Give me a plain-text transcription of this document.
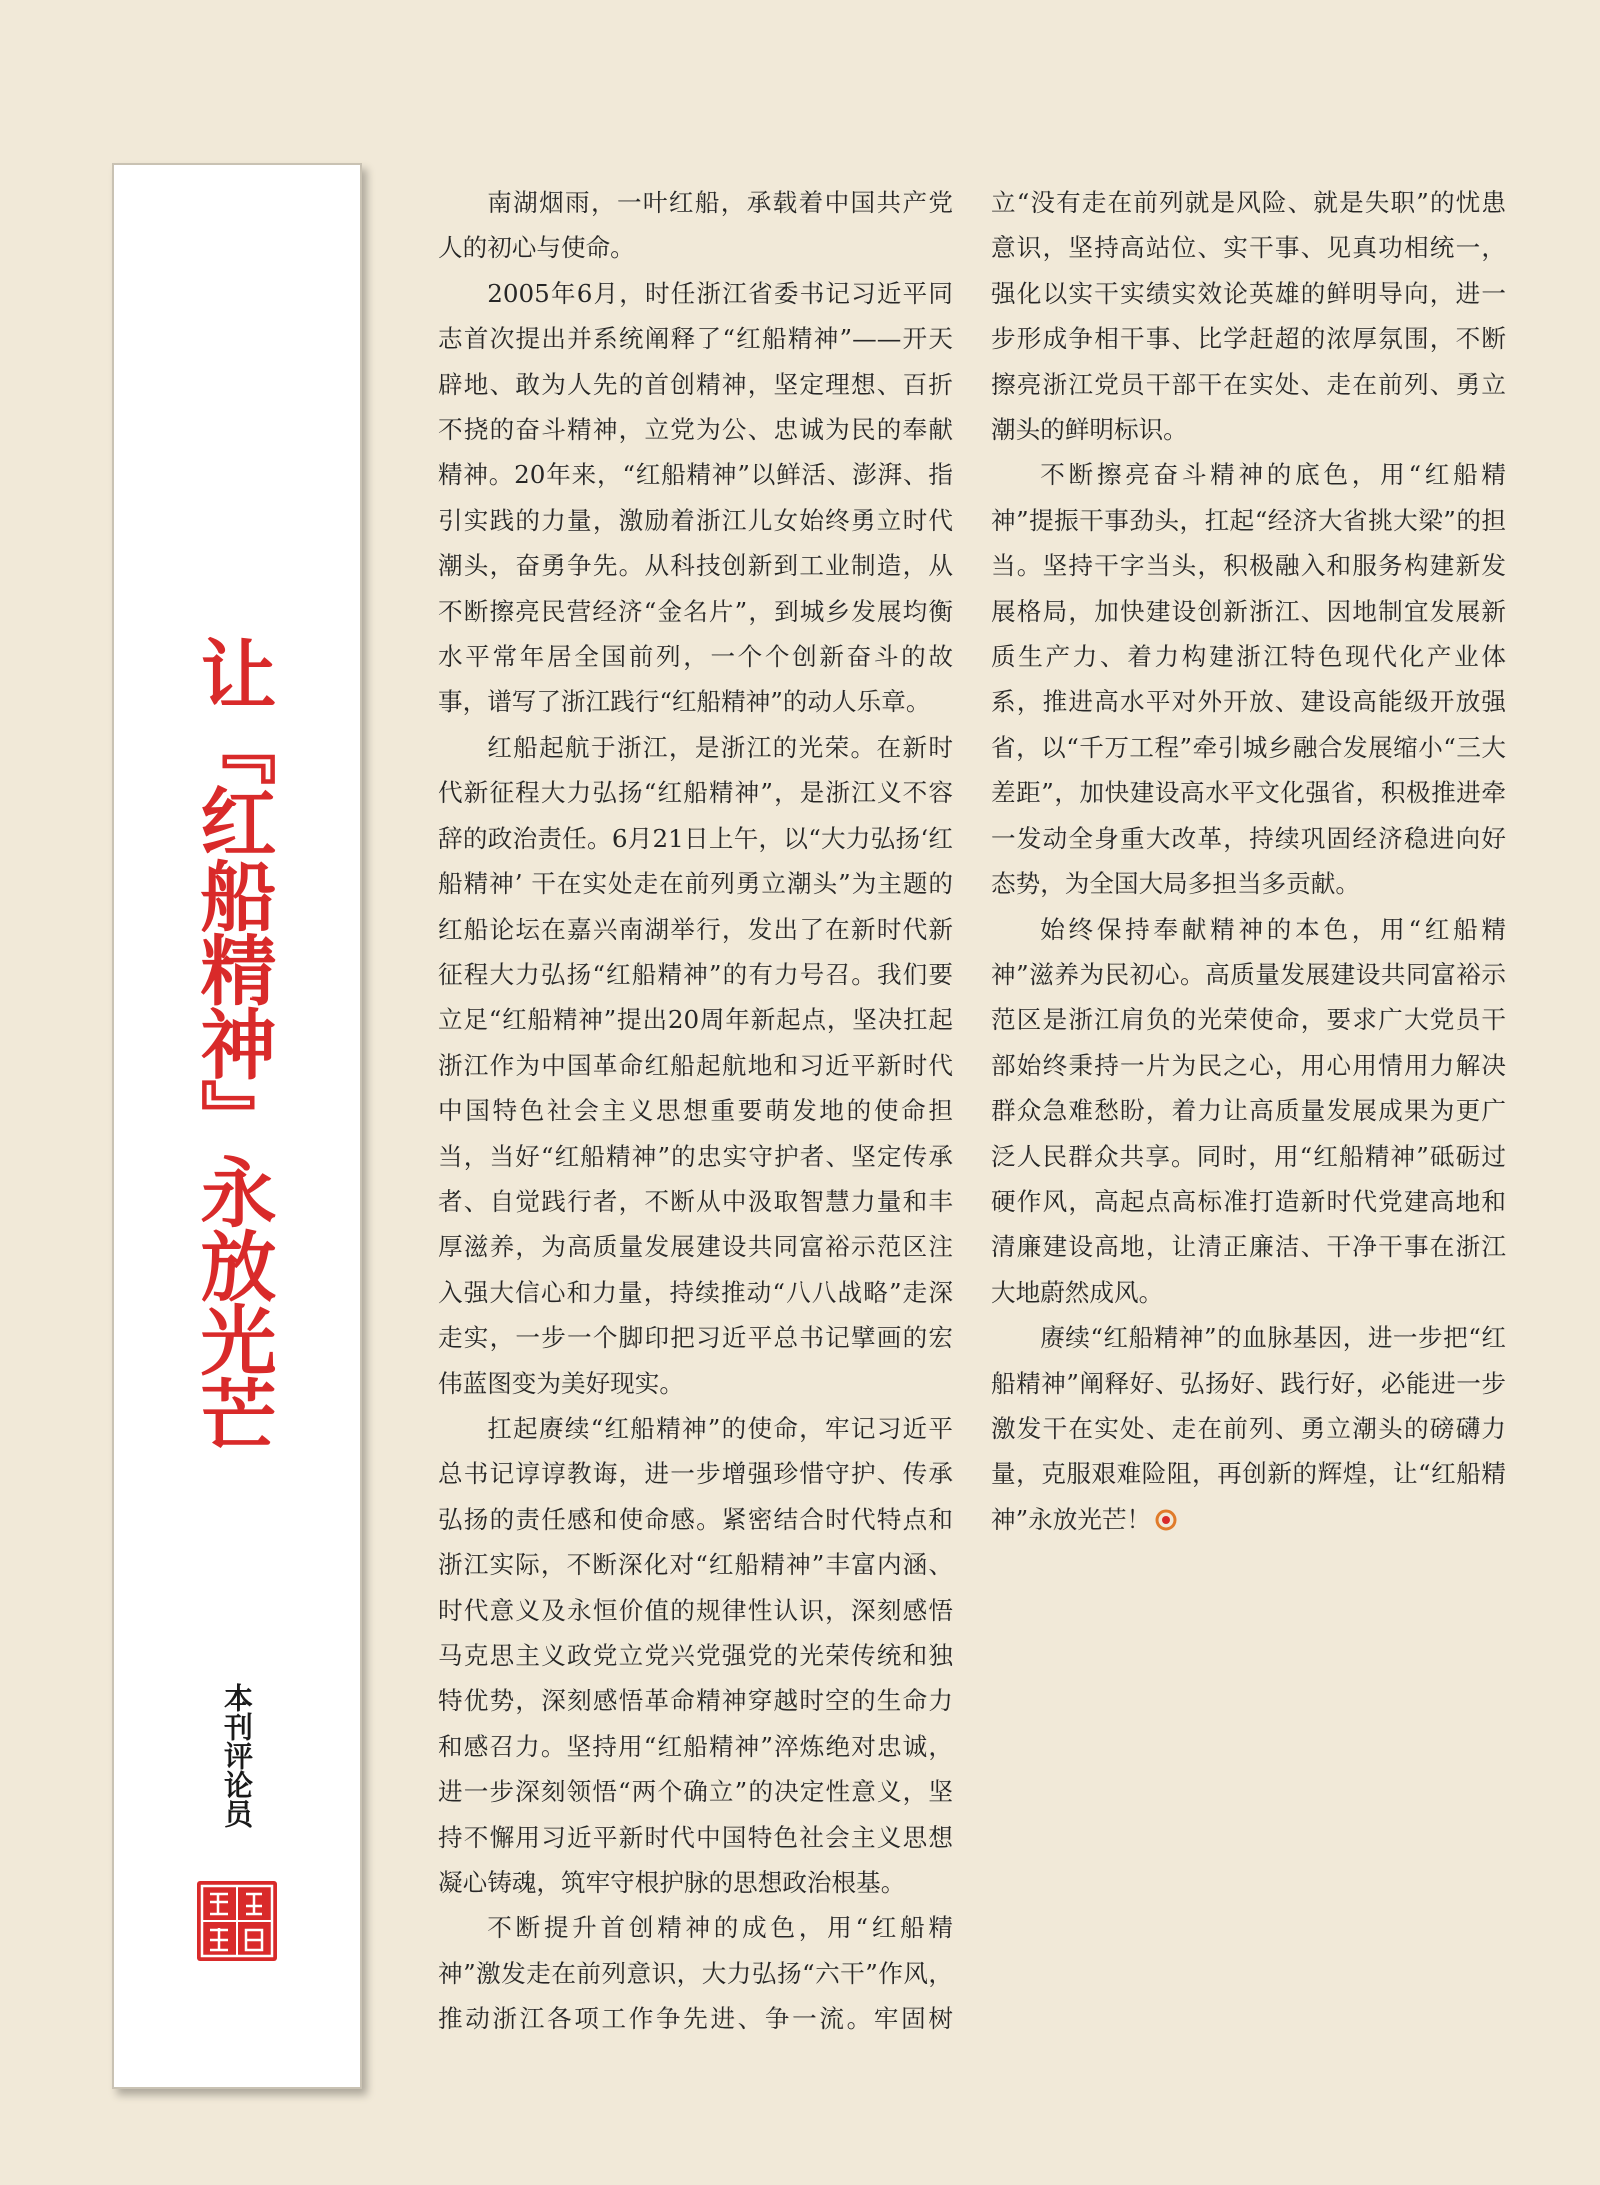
让『红船精神』永放光芒
本刊评论员

南湖烟雨，一叶红船，承载着中国共产党人的初心与使命。

2005年6月，时任浙江省委书记习近平同志首次提出并系统阐释了“红船精神”——开天辟地、敢为人先的首创精神，坚定理想、百折不挠的奋斗精神，立党为公、忠诚为民的奉献精神。20年来，“红船精神”以鲜活、澎湃、指引实践的力量，激励着浙江儿女始终勇立时代潮头，奋勇争先。从科技创新到工业制造，从不断擦亮民营经济“金名片”，到城乡发展均衡水平常年居全国前列，一个个创新奋斗的故事，谱写了浙江践行“红船精神”的动人乐章。

红船起航于浙江，是浙江的光荣。在新时代新征程大力弘扬“红船精神”，是浙江义不容辞的政治责任。6月21日上午，以“大力弘扬‘红船精神’ 干在实处走在前列勇立潮头”为主题的红船论坛在嘉兴南湖举行，发出了在新时代新征程大力弘扬“红船精神”的有力号召。我们要立足“红船精神”提出20周年新起点，坚决扛起浙江作为中国革命红船起航地和习近平新时代中国特色社会主义思想重要萌发地的使命担当，当好“红船精神”的忠实守护者、坚定传承者、自觉践行者，不断从中汲取智慧力量和丰厚滋养，为高质量发展建设共同富裕示范区注入强大信心和力量，持续推动“八八战略”走深走实，一步一个脚印把习近平总书记擘画的宏伟蓝图变为美好现实。

扛起赓续“红船精神”的使命，牢记习近平总书记谆谆教诲，进一步增强珍惜守护、传承弘扬的责任感和使命感。紧密结合时代特点和浙江实际，不断深化对“红船精神”丰富内涵、时代意义及永恒价值的规律性认识，深刻感悟马克思主义政党立党兴党强党的光荣传统和独特优势，深刻感悟革命精神穿越时空的生命力和感召力。坚持用“红船精神”淬炼绝对忠诚，进一步深刻领悟“两个确立”的决定性意义，坚持不懈用习近平新时代中国特色社会主义思想凝心铸魂，筑牢守根护脉的思想政治根基。

不断提升首创精神的成色，用“红船精神”激发走在前列意识，大力弘扬“六干”作风，推动浙江各项工作争先进、争一流。牢固树立“没有走在前列就是风险、就是失职”的忧患意识，坚持高站位、实干事、见真功相统一，强化以实干实绩实效论英雄的鲜明导向，进一步形成争相干事、比学赶超的浓厚氛围，不断擦亮浙江党员干部干在实处、走在前列、勇立潮头的鲜明标识。

不断擦亮奋斗精神的底色，用“红船精神”提振干事劲头，扛起“经济大省挑大梁”的担当。坚持干字当头，积极融入和服务构建新发展格局，加快建设创新浙江、因地制宜发展新质生产力、着力构建浙江特色现代化产业体系，推进高水平对外开放、建设高能级开放强省，以“千万工程”牵引城乡融合发展缩小“三大差距”，加快建设高水平文化强省，积极推进牵一发动全身重大改革，持续巩固经济稳进向好态势，为全国大局多担当多贡献。

始终保持奉献精神的本色，用“红船精神”滋养为民初心。高质量发展建设共同富裕示范区是浙江肩负的光荣使命，要求广大党员干部始终秉持一片为民之心，用心用情用力解决群众急难愁盼，着力让高质量发展成果为更广泛人民群众共享。同时，用“红船精神”砥砺过硬作风，高起点高标准打造新时代党建高地和清廉建设高地，让清正廉洁、干净干事在浙江大地蔚然成风。

赓续“红船精神”的血脉基因，进一步把“红船精神”阐释好、弘扬好、践行好，必能进一步激发干在实处、走在前列、勇立潮头的磅礴力量，克服艰难险阻，再创新的辉煌，让“红船精神”永放光芒！
